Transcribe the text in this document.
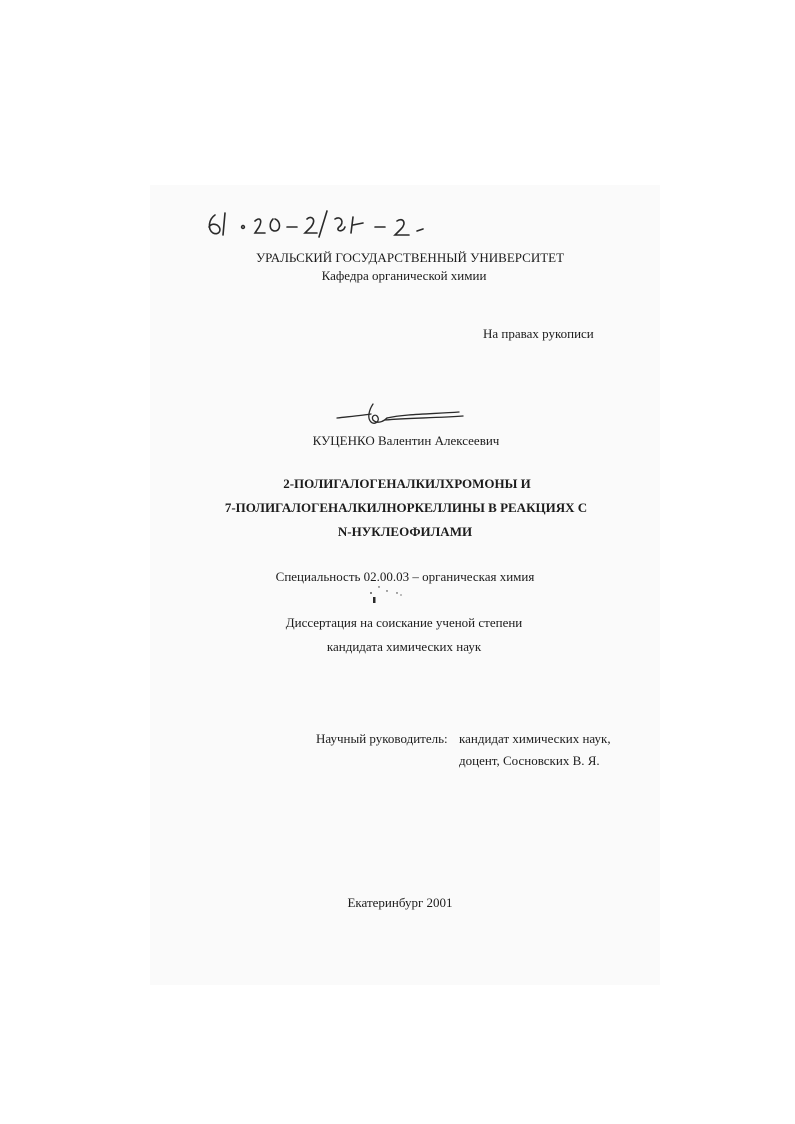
УРАЛЬСКИЙ ГОСУДАРСТВЕННЫЙ УНИВЕРСИТЕТ
Кафедра органической химии
На правах рукописи
КУЦЕНКО Валентин Алексеевич
2-ПОЛИГАЛОГЕНАЛКИЛХРОМОНЫ И
7-ПОЛИГАЛОГЕНАЛКИЛНОРКЕЛЛИНЫ В РЕАКЦИЯХ С
N-НУКЛЕОФИЛАМИ
Специальность 02.00.03 – органическая химия
Диссертация на соискание ученой степени
кандидата химических наук
Научный руководитель: кандидат химических наук,
доцент, Сосновских В. Я.
Екатеринбург 2001
